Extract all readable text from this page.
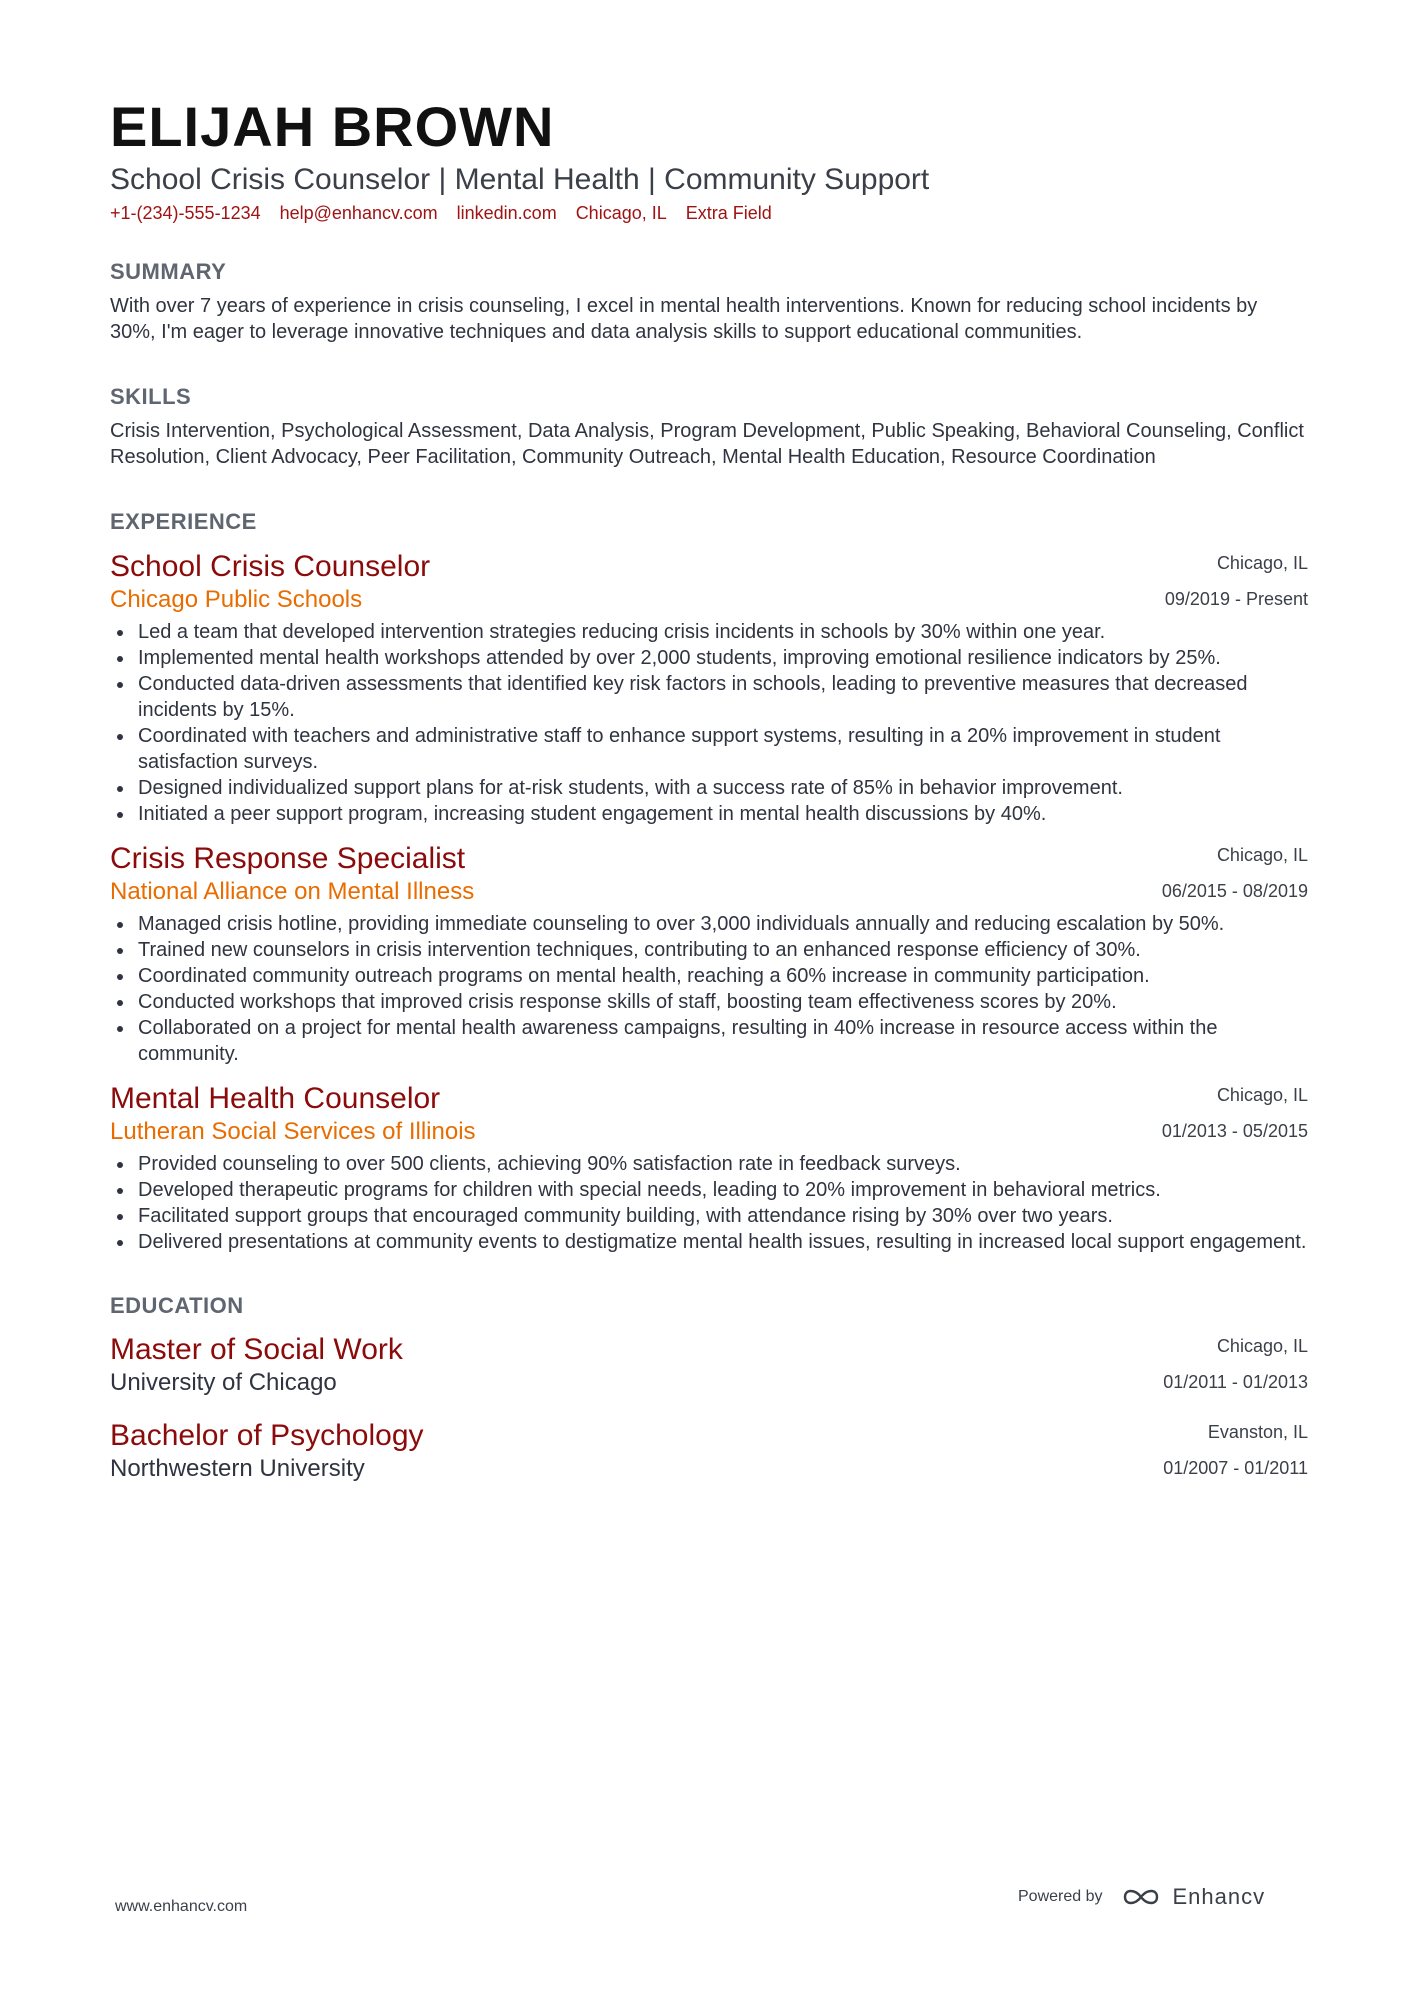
ELIJAH BROWN
School Crisis Counselor | Mental Health | Community Support
+1-(234)-555-1234 help@enhancv.com linkedin.com Chicago, IL Extra Field
SUMMARY
With over 7 years of experience in crisis counseling, I excel in mental health interventions. Known for reducing school incidents by 30%, I'm eager to leverage innovative techniques and data analysis skills to support educational communities.
SKILLS
Crisis Intervention, Psychological Assessment, Data Analysis, Program Development, Public Speaking, Behavioral Counseling, Conflict Resolution, Client Advocacy, Peer Facilitation, Community Outreach, Mental Health Education, Resource Coordination
EXPERIENCE
School Crisis Counselor
Chicago Public Schools
Chicago, IL
09/2019 - Present
Led a team that developed intervention strategies reducing crisis incidents in schools by 30% within one year.
Implemented mental health workshops attended by over 2,000 students, improving emotional resilience indicators by 25%.
Conducted data-driven assessments that identified key risk factors in schools, leading to preventive measures that decreased incidents by 15%.
Coordinated with teachers and administrative staff to enhance support systems, resulting in a 20% improvement in student satisfaction surveys.
Designed individualized support plans for at-risk students, with a success rate of 85% in behavior improvement.
Initiated a peer support program, increasing student engagement in mental health discussions by 40%.
Crisis Response Specialist
National Alliance on Mental Illness
Chicago, IL
06/2015 - 08/2019
Managed crisis hotline, providing immediate counseling to over 3,000 individuals annually and reducing escalation by 50%.
Trained new counselors in crisis intervention techniques, contributing to an enhanced response efficiency of 30%.
Coordinated community outreach programs on mental health, reaching a 60% increase in community participation.
Conducted workshops that improved crisis response skills of staff, boosting team effectiveness scores by 20%.
Collaborated on a project for mental health awareness campaigns, resulting in 40% increase in resource access within the community.
Mental Health Counselor
Lutheran Social Services of Illinois
Chicago, IL
01/2013 - 05/2015
Provided counseling to over 500 clients, achieving 90% satisfaction rate in feedback surveys.
Developed therapeutic programs for children with special needs, leading to 20% improvement in behavioral metrics.
Facilitated support groups that encouraged community building, with attendance rising by 30% over two years.
Delivered presentations at community events to destigmatize mental health issues, resulting in increased local support engagement.
EDUCATION
Master of Social Work
University of Chicago
Chicago, IL
01/2011 - 01/2013
Bachelor of Psychology
Northwestern University
Evanston, IL
01/2007 - 01/2011
www.enhancv.com
Powered by	Enhancv
